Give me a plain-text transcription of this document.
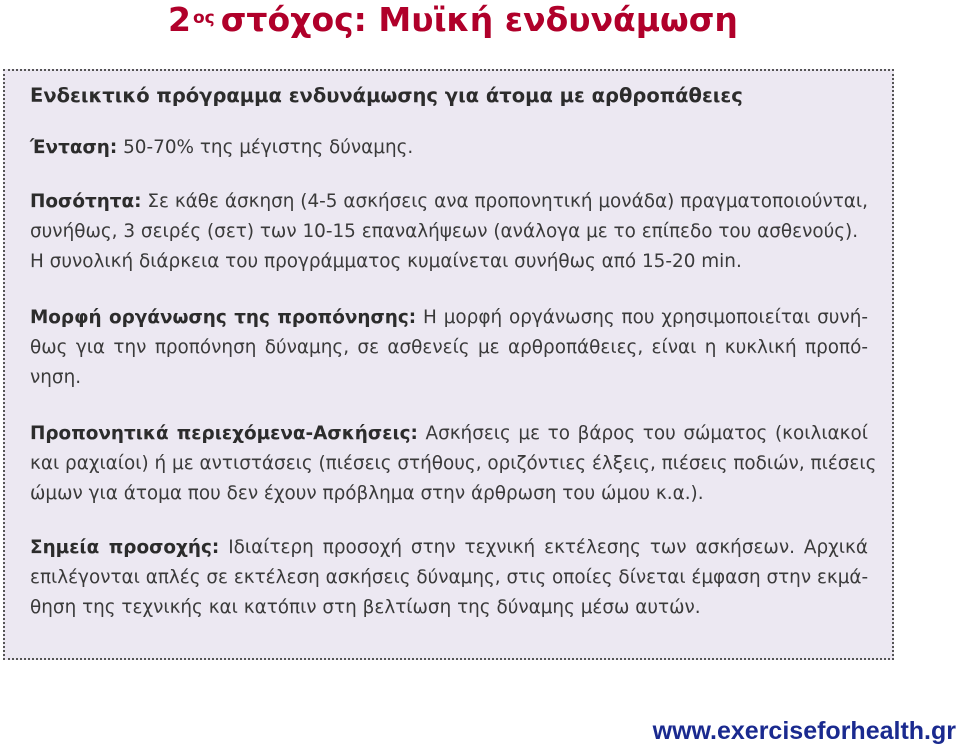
2 $^{o\varsigma}$ στόχος: Μυϊκή ενδυνάμωση

Ενδεικτικό πρόγραμμα ενδυνάμωσης για άτομα με αρθροπάθειες

Ένταση: 50-70% της μέγιστης δύναμης.

Ποσότητα: Σε κάθε άσκηση (4-5 ασκήσεις ανα προπονητική μονάδα) πραγματοποιούνται,
συνήθως, 3 σειρές (σετ) των 10-15 επαναλήψεων (ανάλογα με το επίπεδο του ασθενούς).
Η συνολική διάρκεια του προγράμματος κυμαίνεται συνήθως από 15-20 min.

Μορφή οργάνωσης της προπόνησης: Η μορφή οργάνωσης που χρησιμοποιείται συνή-
θως για την προπόνηση δύναμης, σε ασθενείς με αρθροπάθειες, είναι η κυκλική προπό-
νηση.

Προπονητικά περιεχόμενα-Ασκήσεις: Ασκήσεις με το βάρος του σώματος (κοιλιακοί
και ραχιαίοι) ή με αντιστάσεις (πιέσεις στήθους, οριζόντιες έλξεις, πιέσεις ποδιών, πιέσεις
ώμων για άτομα που δεν έχουν πρόβλημα στην άρθρωση του ώμου κ.α.).

Σημεία προσοχής: Ιδιαίτερη προσοχή στην τεχνική εκτέλεσης των ασκήσεων. Αρχικά
επιλέγονται απλές σε εκτέλεση ασκήσεις δύναμης, στις οποίες δίνεται έμφαση στην εκμά-
θηση της τεχνικής και κατόπιν στη βελτίωση της δύναμης μέσω αυτών.

www.exerciseforhealth.gr
